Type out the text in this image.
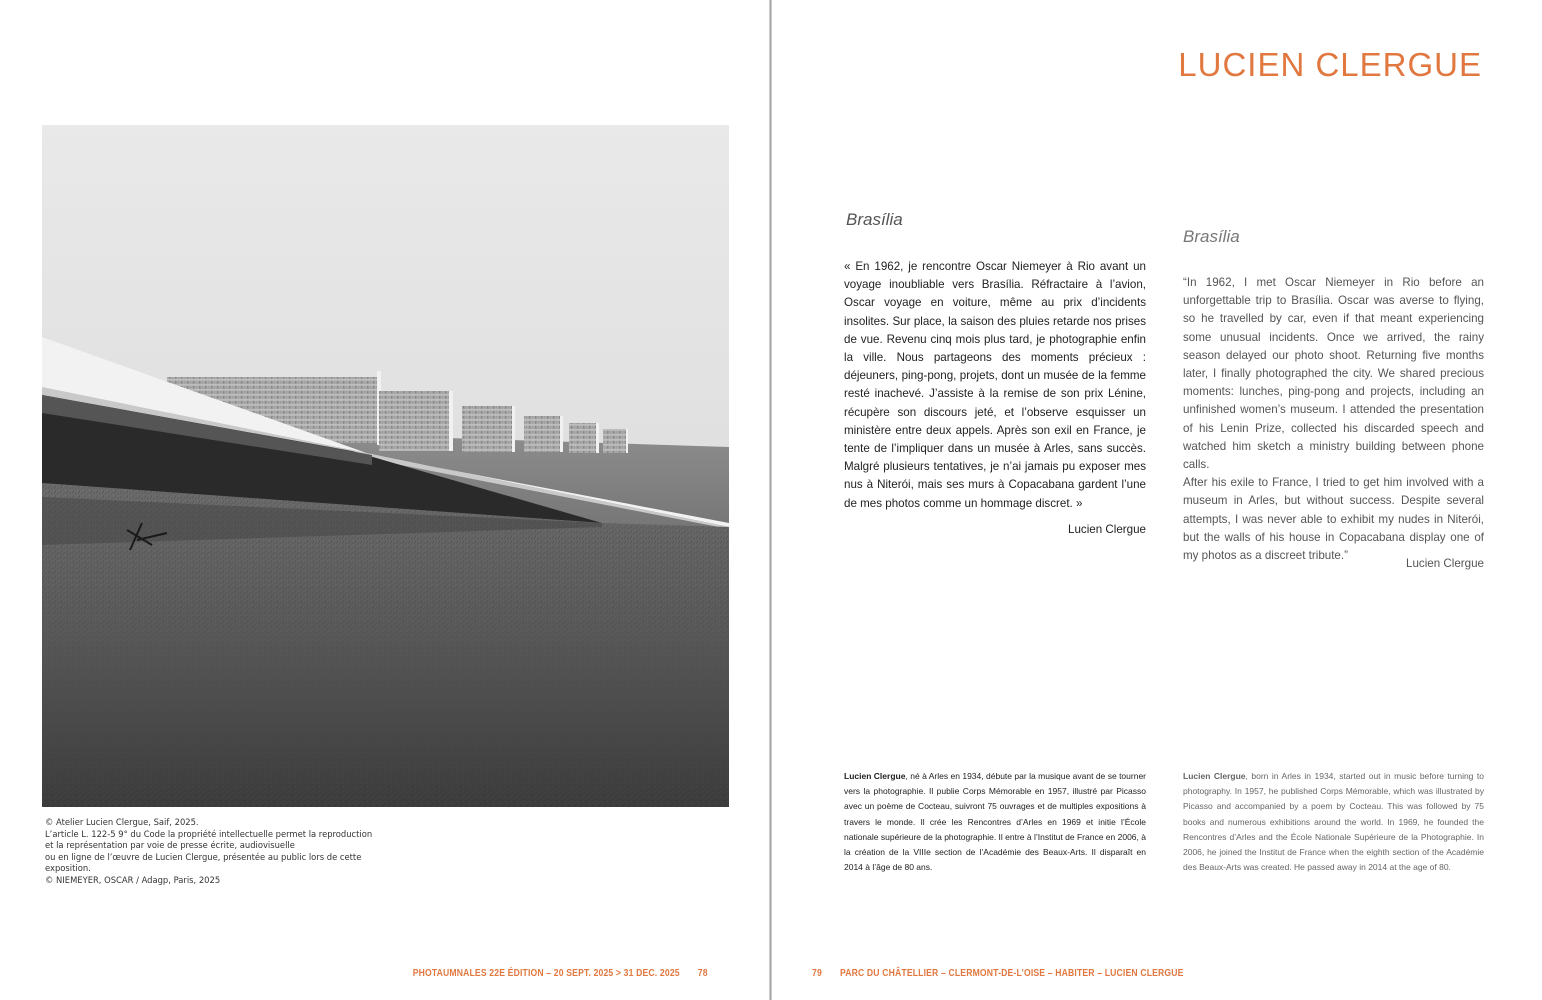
© Atelier Lucien Clergue, Saif, 2025.
L’article L. 122-5 9° du Code la propriété intellectuelle permet la reproduction
et la représentation par voie de presse écrite, audiovisuelle
ou en ligne de l’œuvre de Lucien Clergue, présentée au public lors de cette
exposition.
© NIEMEYER, OSCAR / Adagp, Paris, 2025
PHOTAUMNALES 22E ÉDITION – 20 SEPT. 2025 > 31 DEC. 2025 78
LUCIEN CLERGUE
Brasília
« En 1962, je rencontre Oscar Niemeyer à Rio avant un voyage inoubliable vers Brasília. Réfractaire à l’avion, Oscar voyage en voiture, même au prix d’incidents insolites. Sur place, la saison des pluies retarde nos prises de vue. Revenu cinq mois plus tard, je photographie enfin la ville. Nous partageons des moments précieux : déjeuners, ping-pong, projets, dont un musée de la femme resté inachevé. J’assiste à la remise de son prix Lénine, récupère son discours jeté, et l’observe esquisser un ministère entre deux appels. Après son exil en France, je tente de l’impliquer dans un musée à Arles, sans succès. Malgré plusieurs tentatives, je n’ai jamais pu exposer mes nus à Niterói, mais ses murs à Copacabana gardent l’une de mes photos comme un hommage discret. »
Lucien Clergue
Brasília
“In 1962, I met Oscar Niemeyer in Rio before an unforgettable trip to Brasília. Oscar was averse to flying, so he travelled by car, even if that meant experiencing some unusual incidents. Once we arrived, the rainy season delayed our photo shoot. Returning five months later, I finally photographed the city. We shared precious moments: lunches, ping-pong and projects, including an unfinished women’s museum. I attended the presentation of his Lenin Prize, collected his discarded speech and watched him sketch a ministry building between phone calls.
After his exile to France, I tried to get him involved with a museum in Arles, but without success. Despite several attempts, I was never able to exhibit my nudes in Niterói, but the walls of his house in Copacabana display one of my photos as a discreet tribute.”
Lucien Clergue
Lucien Clergue, né à Arles en 1934, débute par la musique avant de se tourner vers la photographie. Il publie Corps Mémorable en 1957, illustré par Picasso avec un poème de Cocteau, suivront 75 ouvrages et de multiples expositions à travers le monde. Il crée les Rencontres d’Arles en 1969 et initie l’École nationale supérieure de la photographie. Il entre à l’Institut de France en 2006, à la création de la VIIIe section de l’Académie des Beaux-Arts. Il disparaît en 2014 à l’âge de 80 ans.
Lucien Clergue, born in Arles in 1934, started out in music before turning to photography. In 1957, he published Corps Mémorable, which was illustrated by Picasso and accompanied by a poem by Cocteau. This was followed by 75 books and numerous exhibitions around the world. In 1969, he founded the Rencontres d’Arles and the École Nationale Supérieure de la Photographie. In 2006, he joined the Institut de France when the eighth section of the Académie des Beaux-Arts was created. He passed away in 2014 at the age of 80.
79 PARC DU CHÂTELLIER – CLERMONT-DE-L’OISE – HABITER – LUCIEN CLERGUE
